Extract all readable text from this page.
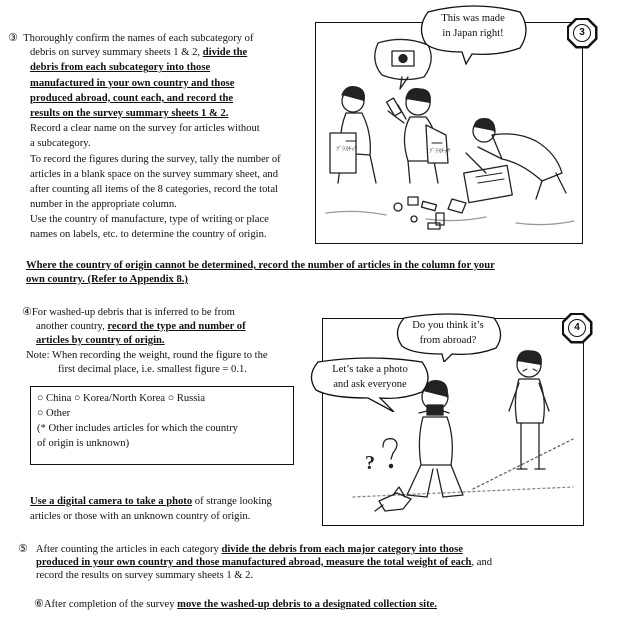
③ Thoroughly confirm the names of each subcategory of
debris on survey summary sheets 1 & 2, divide the
debris from each subcategory into those
manufactured in your own country and those
produced abroad, count each, and record the
results on the survey summary sheets 1 & 2.
Record a clear name on the survey for articles without
a subcategory.
To record the figures during the survey, tally the number of
articles in a blank space on the survey summary sheet, and
after counting all items of the 8 categories, record the total
number in the appropriate column.
Use the country of manufacture, type of writing or place
names on labels, etc. to determine the country of origin.
Where the country of origin cannot be determined, record the number of articles in the column for your
own country. (Refer to Appendix 8.)
ﾌﾞﾗｽﾁｯｸ	ﾌﾞﾗｽﾁｯｸ
This was made
in Japan right!	3
④For washed-up debris that is inferred to be from
another country, record the type and number of
articles by country of origin.
Note: When recording the weight, round the figure to the
first decimal place, i.e. smallest figure = 0.1.
○ China ○ Korea/North Korea ○ Russia
○ Other
(* Other includes articles for which the country
of origin is unknown)
Use a digital camera to take a photo of strange looking
articles or those with an unknown country of origin.
?
Do you think it’s
from abroad?
Let’s take a photo
and ask everyone
4
⑤ After counting the articles in each category divide the debris from each major category into those
produced in your own country and those manufactured abroad, measure the total weight of each, and
record the results on survey summary sheets 1 & 2.
⑥After completion of the survey move the washed-up debris to a designated collection site.
